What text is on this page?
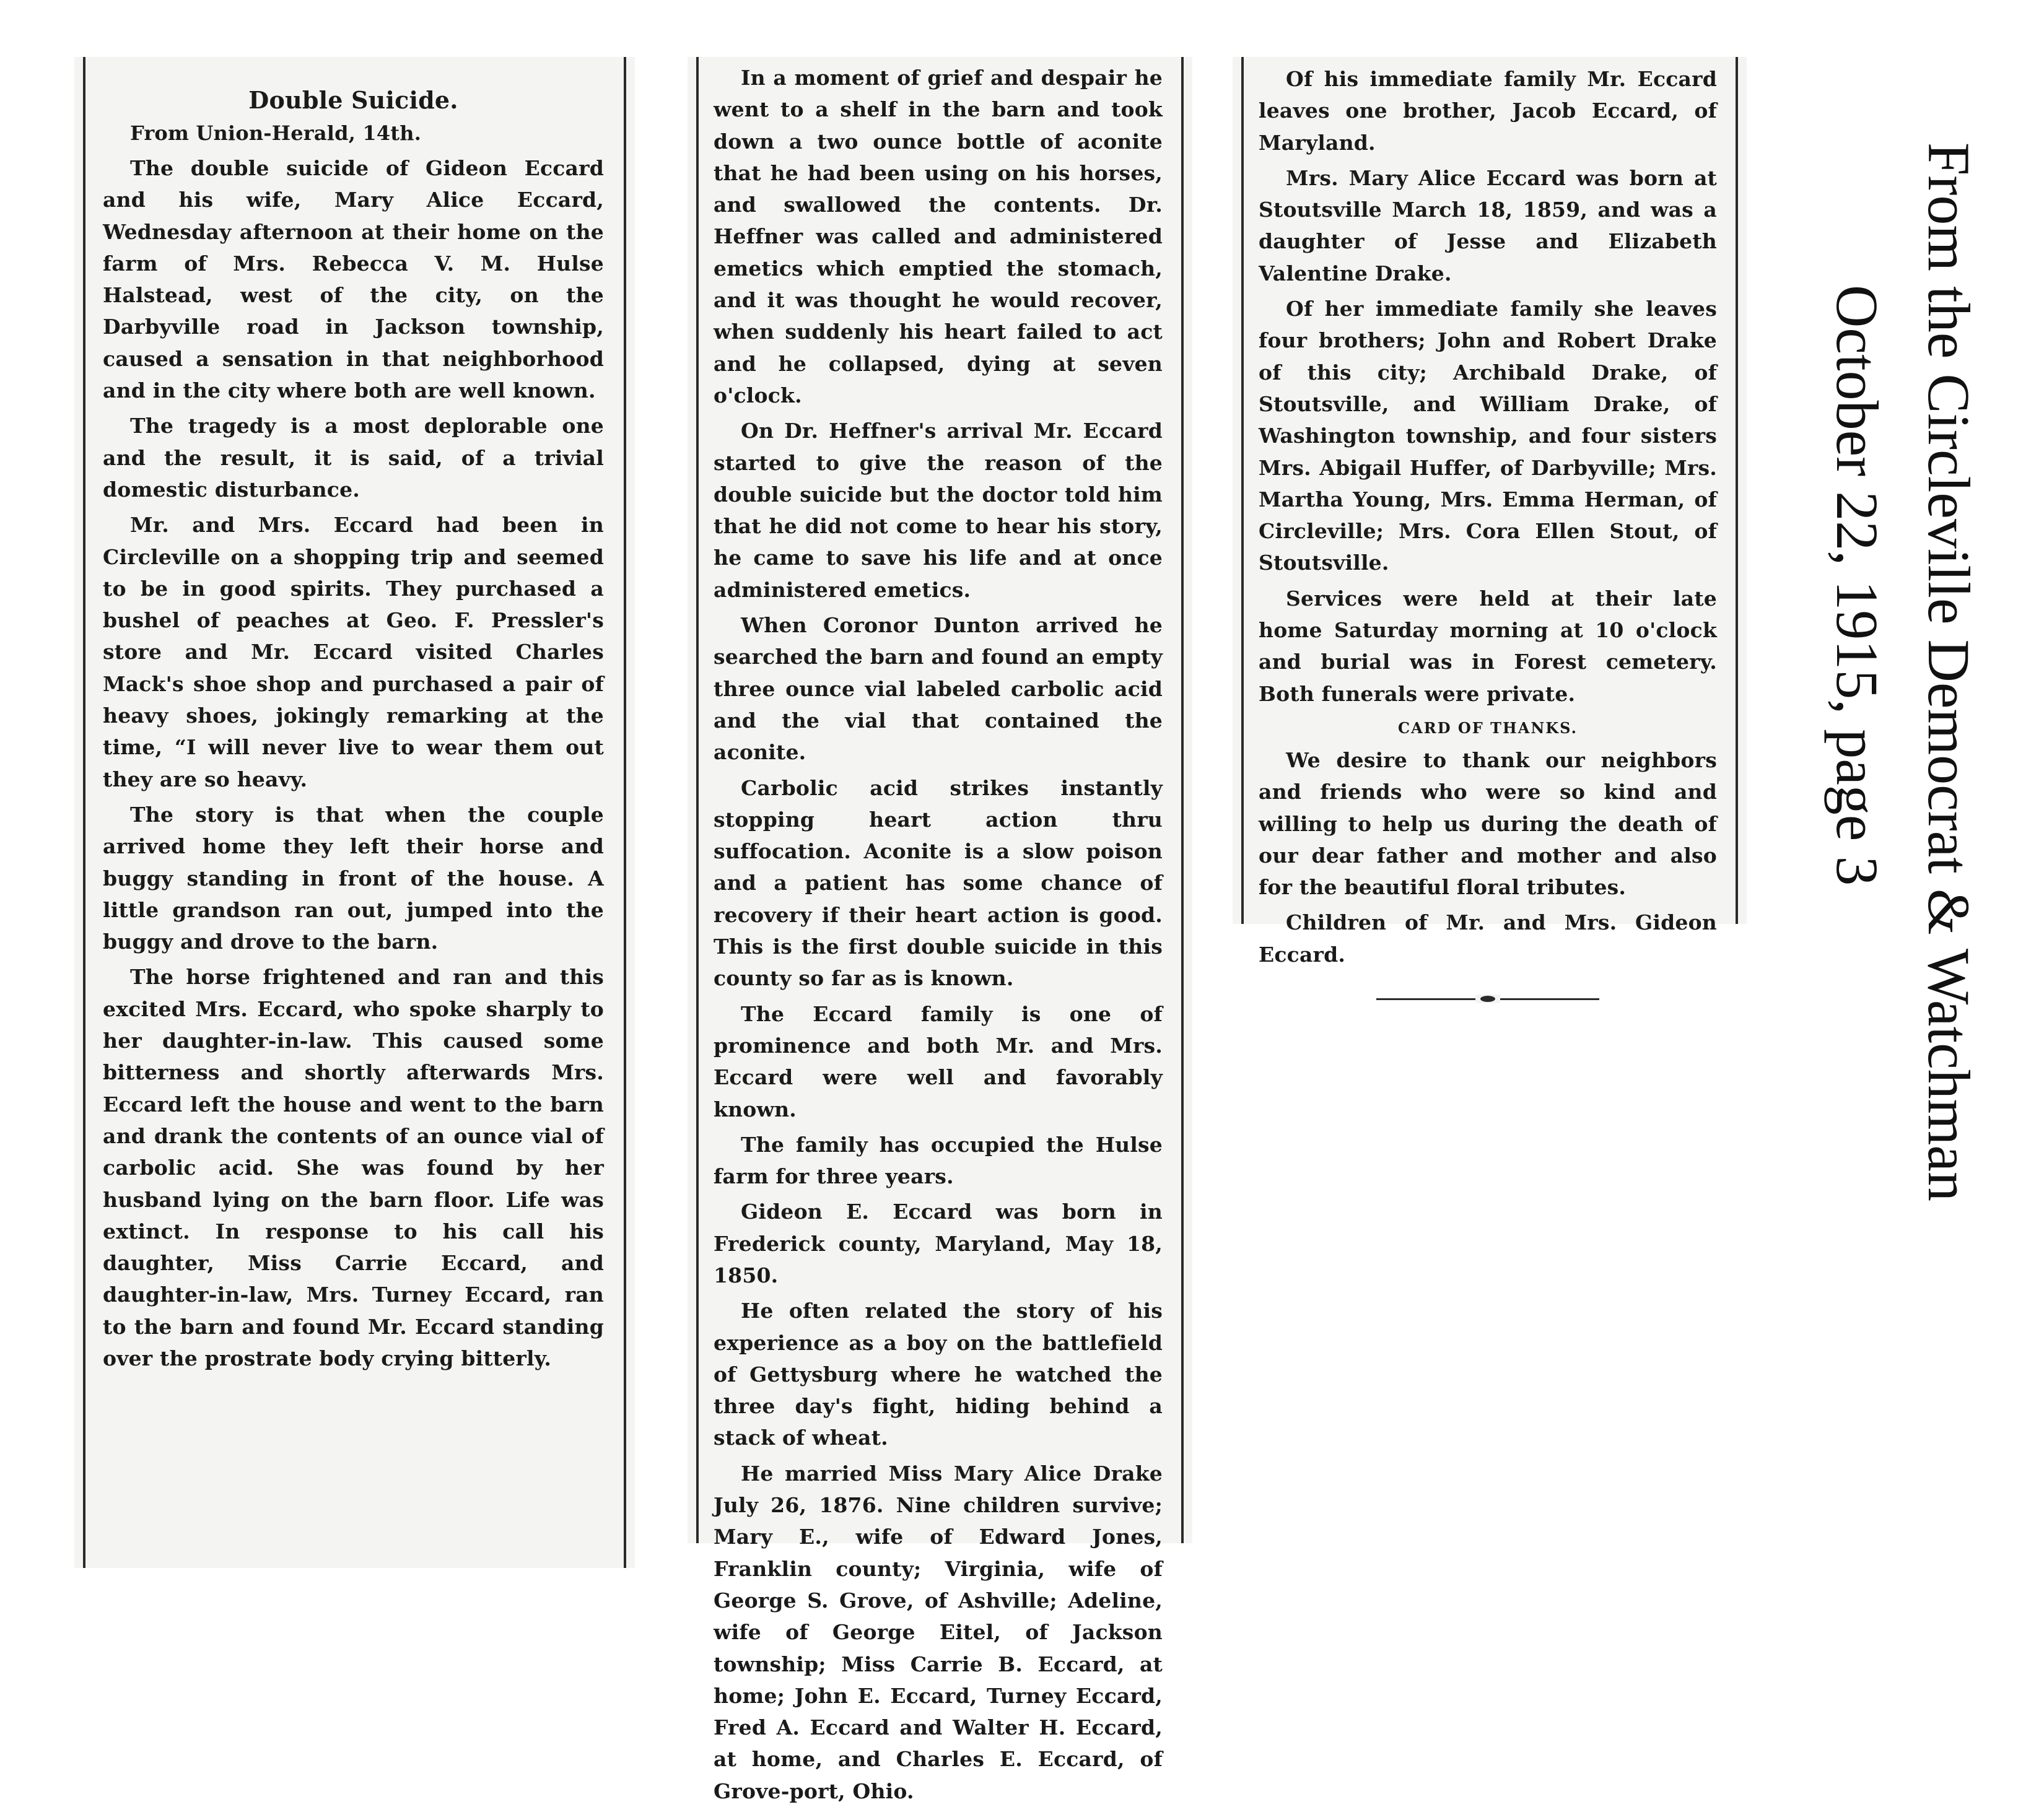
Double Suicide.

From Union-Herald, 14th.

The double suicide of Gideon Eccard and his wife, Mary Alice Eccard, Wednesday afternoon at their home on the farm of Mrs. Rebecca V. M. Hulse Halstead, west of the city, on the Darbyville road in Jackson township, caused a sensation in that neighborhood and in the city where both are well known.

The tragedy is a most deplorable one and the result, it is said, of a trivial domestic disturbance.

Mr. and Mrs. Eccard had been in Circleville on a shopping trip and seemed to be in good spirits. They purchased a bushel of peaches at Geo. F. Pressler's store and Mr. Eccard visited Charles Mack's shoe shop and purchased a pair of heavy shoes, jokingly remarking at the time, “I will never live to wear them out they are so heavy.

The story is that when the couple arrived home they left their horse and buggy standing in front of the house. A little grandson ran out, jumped into the buggy and drove to the barn.

The horse frightened and ran and this excited Mrs. Eccard, who spoke sharply to her daughter-in-law. This caused some bitterness and shortly afterwards Mrs. Eccard left the house and went to the barn and drank the contents of an ounce vial of carbolic acid. She was found by her husband lying on the barn floor. Life was extinct. In response to his call his daughter, Miss Carrie Eccard, and daughter-in-law, Mrs. Turney Eccard, ran to the barn and found Mr. Eccard standing over the prostrate body crying bitterly.

In a moment of grief and despair he went to a shelf in the barn and took down a two ounce bottle of aconite that he had been using on his horses, and swallowed the contents. Dr. Heffner was called and administered emetics which emptied the stomach, and it was thought he would recover, when suddenly his heart failed to act and he collapsed, dying at seven o'clock.

On Dr. Heffner's arrival Mr. Eccard started to give the reason of the double suicide but the doctor told him that he did not come to hear his story, he came to save his life and at once administered emetics.

When Coronor Dunton arrived he searched the barn and found an empty three ounce vial labeled carbolic acid and the vial that contained the aconite.

Carbolic acid strikes instantly stopping heart action thru suffocation. Aconite is a slow poison and a patient has some chance of recovery if their heart action is good. This is the first double suicide in this county so far as is known.

The Eccard family is one of prominence and both Mr. and Mrs. Eccard were well and favorably known.

The family has occupied the Hulse farm for three years.

Gideon E. Eccard was born in Frederick county, Maryland, May 18, 1850.

He often related the story of his experience as a boy on the battlefield of Gettysburg where he watched the three day's fight, hiding behind a stack of wheat.

He married Miss Mary Alice Drake July 26, 1876. Nine children survive; Mary E., wife of Edward Jones, Franklin county; Virginia, wife of George S. Grove, of Ashville; Adeline, wife of George Eitel, of Jackson township; Miss Carrie B. Eccard, at home; John E. Eccard, Turney Eccard, Fred A. Eccard and Walter H. Eccard, at home, and Charles E. Eccard, of Grove-port, Ohio.

Of his immediate family Mr. Eccard leaves one brother, Jacob Eccard, of Maryland.

Mrs. Mary Alice Eccard was born at Stoutsville March 18, 1859, and was a daughter of Jesse and Elizabeth Valentine Drake.

Of her immediate family she leaves four brothers; John and Robert Drake of this city; Archibald Drake, of Stoutsville, and William Drake, of Washington township, and four sisters Mrs. Abigail Huffer, of Darbyville; Mrs. Martha Young, Mrs. Emma Herman, of Circleville; Mrs. Cora Ellen Stout, of Stoutsville.

Services were held at their late home Saturday morning at 10 o'clock and burial was in Forest cemetery. Both funerals were private.

CARD OF THANKS.

We desire to thank our neighbors and friends who were so kind and willing to help us during the death of our dear father and mother and also for the beautiful floral tributes.

Children of Mr. and Mrs. Gideon Eccard.	From the Circleville Democrat & Watchman
October 22, 1915, page 3
